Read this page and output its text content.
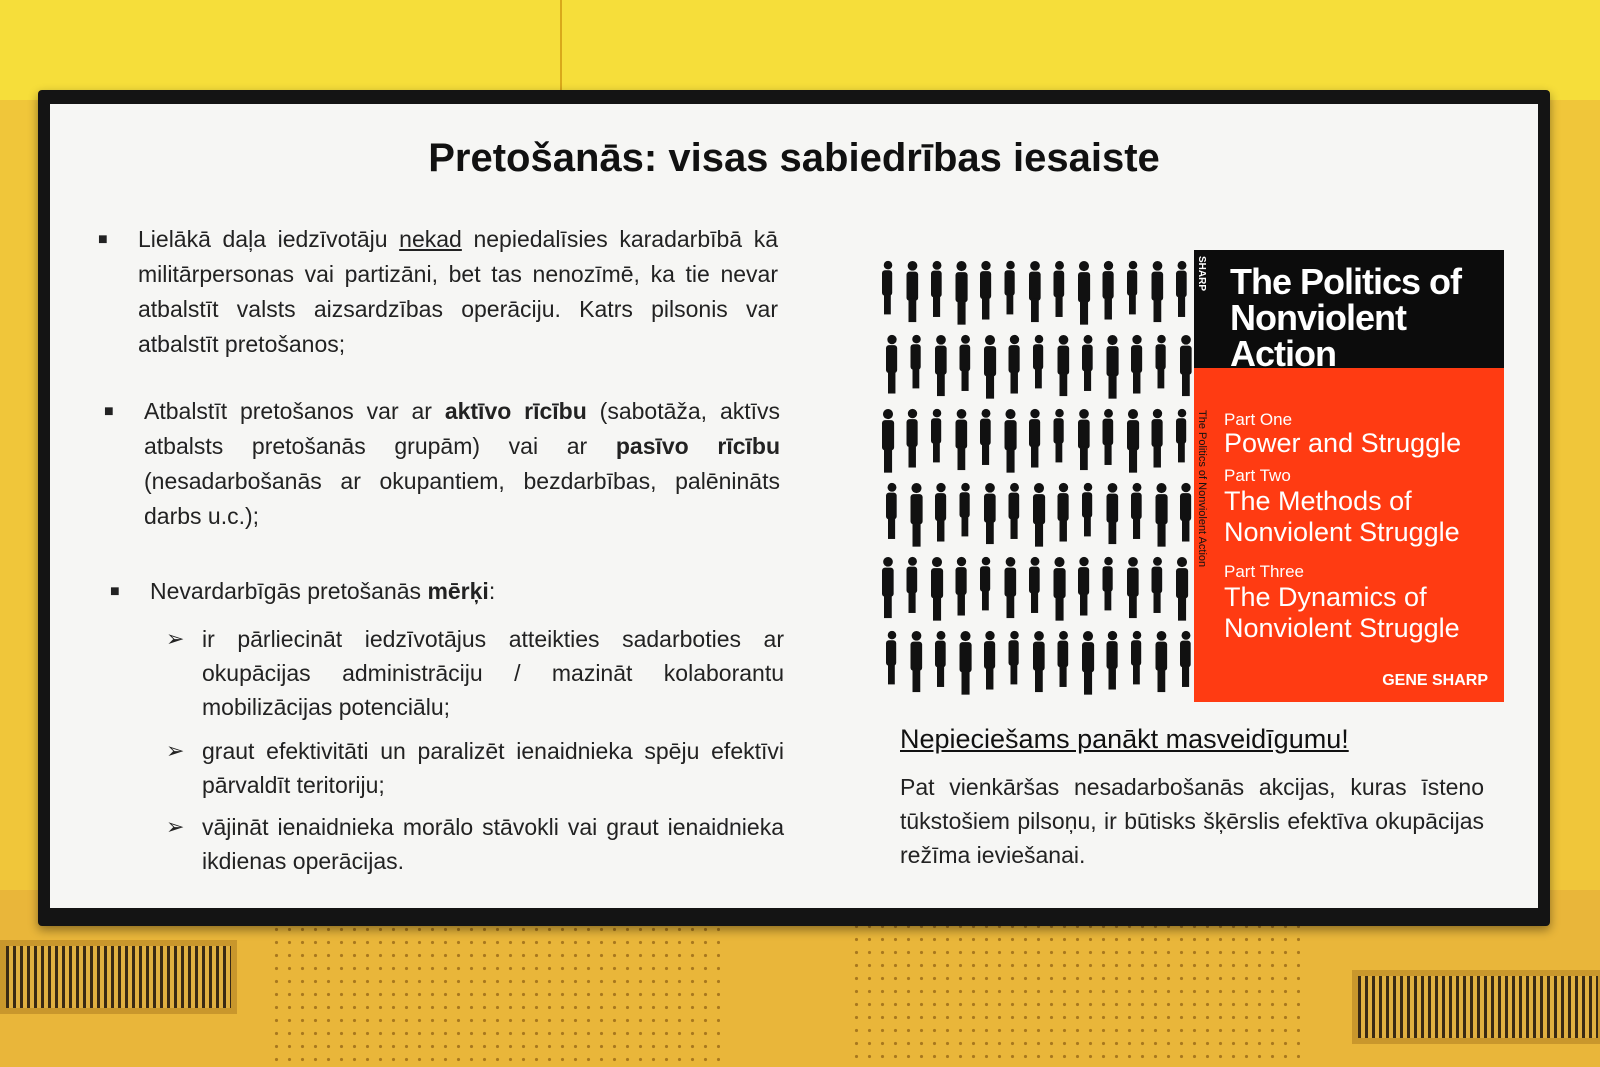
Pretošanās: visas sabiedrības iesaiste
■ Lielākā daļa iedzīvotāju nekad nepiedalīsies karadarbībā kā militārpersonas vai partizāni, bet tas nenozīmē, ka tie nevar atbalstīt valsts aizsardzības operāciju. Katrs pilsonis var atbalstīt pretošanos;
■ Atbalstīt pretošanos var ar aktīvo rīcību (sabotāža, aktīvs atbalsts pretošanās grupām) vai ar pasīvo rīcību (nesadarbošanās ar okupantiem, bezdarbības, palēnināts darbs u.c.);
■ Nevardarbīgās pretošanās mērķi:
➢ ir pārliecināt iedzīvotājus atteikties sadarboties ar okupācijas administrāciju / mazināt kolaborantu mobilizācijas potenciālu;
➢ graut efektivitāti un paralizēt ienaidnieka spēju efektīvi pārvaldīt teritoriju;
➢ vājināt ienaidnieka morālo stāvokli vai graut ienaidnieka ikdienas operācijas.
SHARP
The Politics of Nonviolent Action
The Politics of
Nonviolent
Action
Part One
Power and Struggle
Part Two
The Methods of
Nonviolent Struggle
Part Three
The Dynamics of
Nonviolent Struggle
GENE SHARP
Nepieciešams panākt masveidīgumu!
Pat vienkāršas nesadarbošanās akcijas, kuras īsteno tūkstošiem pilsoņu, ir būtisks šķērslis efektīva okupācijas režīma ieviešanai.
